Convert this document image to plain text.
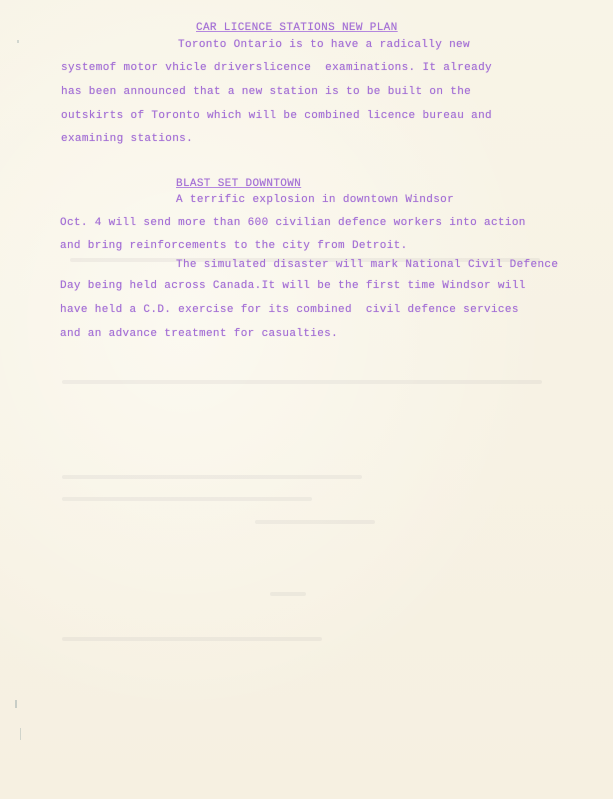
CAR LICENCE STATIONS NEW PLAN
Toronto Ontario is to have a radically new
systemof motor vhicle driverslicence  examinations. It already
has been announced that a new station is to be built on the
outskirts of Toronto which will be combined licence bureau and
examining stations.
BLAST SET DOWNTOWN
A terrific explosion in downtown Windsor
Oct. 4 will send more than 600 civilian defence workers into action
and bring reinforcements to the city from Detroit.
The simulated disaster will mark National Civil Defence
Day being held across Canada.It will be the first time Windsor will
have held a C.D. exercise for its combined  civil defence services
and an advance treatment for casualties.
